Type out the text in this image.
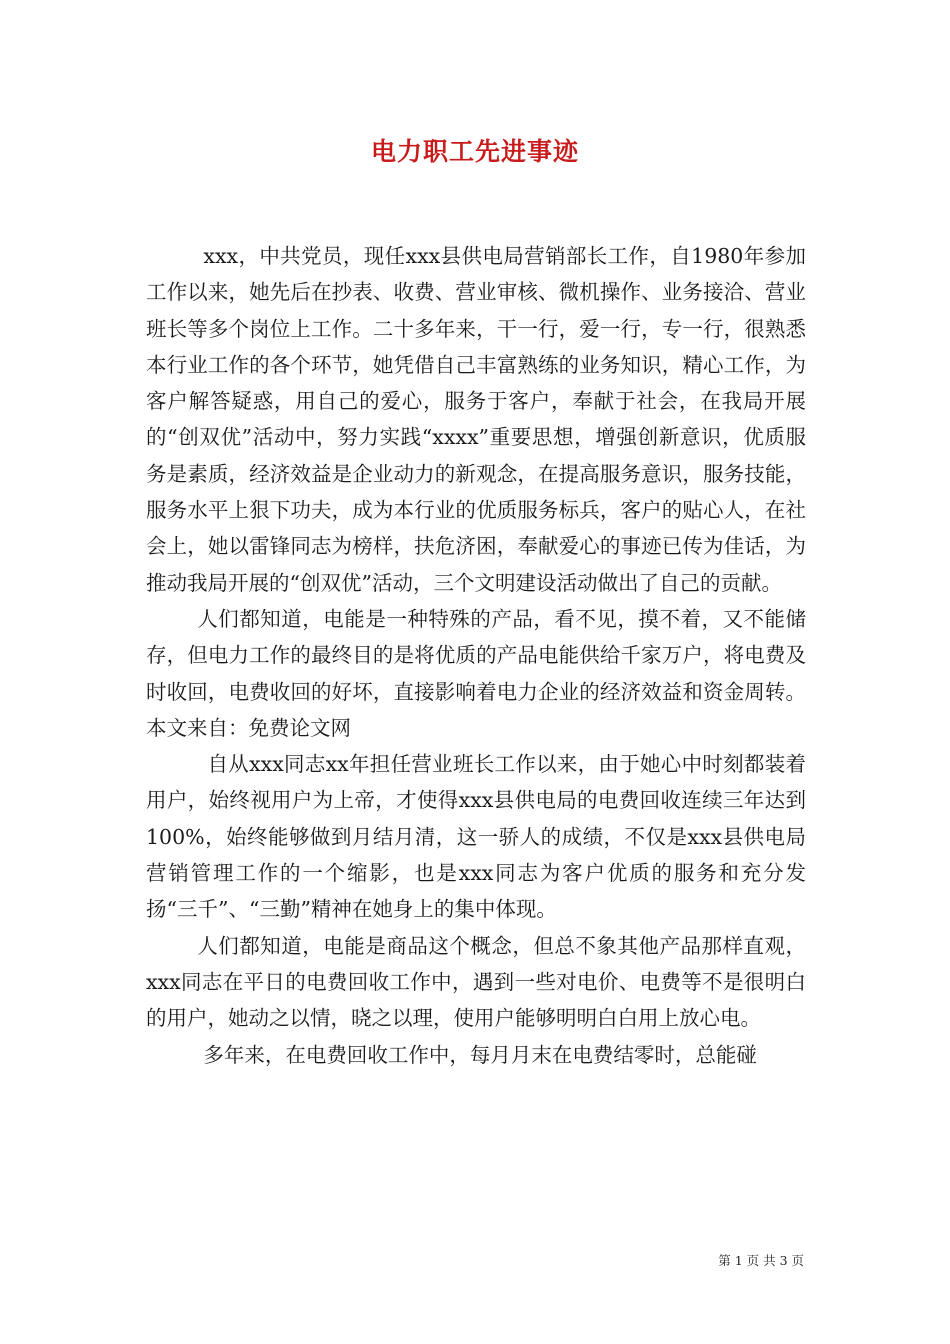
电力职工先进事迹

xxx，中共党员，现任xxx县供电局营销部长工作，自1980年参加工作以来，她先后在抄表、收费、营业审核、微机操作、业务接洽、营业班长等多个岗位上工作。二十多年来，干一行，爱一行，专一行，很熟悉本行业工作的各个环节，她凭借自己丰富熟练的业务知识，精心工作，为客户解答疑惑，用自己的爱心，服务于客户，奉献于社会，在我局开展的“创双优”活动中，努力实践“xxxx”重要思想，增强创新意识，优质服务是素质，经济效益是企业动力的新观念，在提高服务意识，服务技能，服务水平上狠下功夫，成为本行业的优质服务标兵，客户的贴心人，在社会上，她以雷锋同志为榜样，扶危济困，奉献爱心的事迹已传为佳话，为推动我局开展的“创双优”活动，三个文明建设活动做出了自己的贡献。

人们都知道，电能是一种特殊的产品，看不见，摸不着，又不能储存，但电力工作的最终目的是将优质的产品电能供给千家万户，将电费及时收回，电费收回的好坏，直接影响着电力企业的经济效益和资金周转。本文来自：免费论文网

自从xxx同志xx年担任营业班长工作以来，由于她心中时刻都装着用户，始终视用户为上帝，才使得xxx县供电局的电费回收连续三年达到100%，始终能够做到月结月清，这一骄人的成绩，不仅是xxx县供电局营销管理工作的一个缩影，也是xxx同志为客户优质的服务和充分发扬“三千”、“三勤”精神在她身上的集中体现。

人们都知道，电能是商品这个概念，但总不象其他产品那样直观，xxx同志在平日的电费回收工作中，遇到一些对电价、电费等不是很明白的用户，她动之以情，晓之以理，使用户能够明明白白用上放心电。

多年来，在电费回收工作中，每月月末在电费结零时，总能碰

第 1 页 共 3 页
